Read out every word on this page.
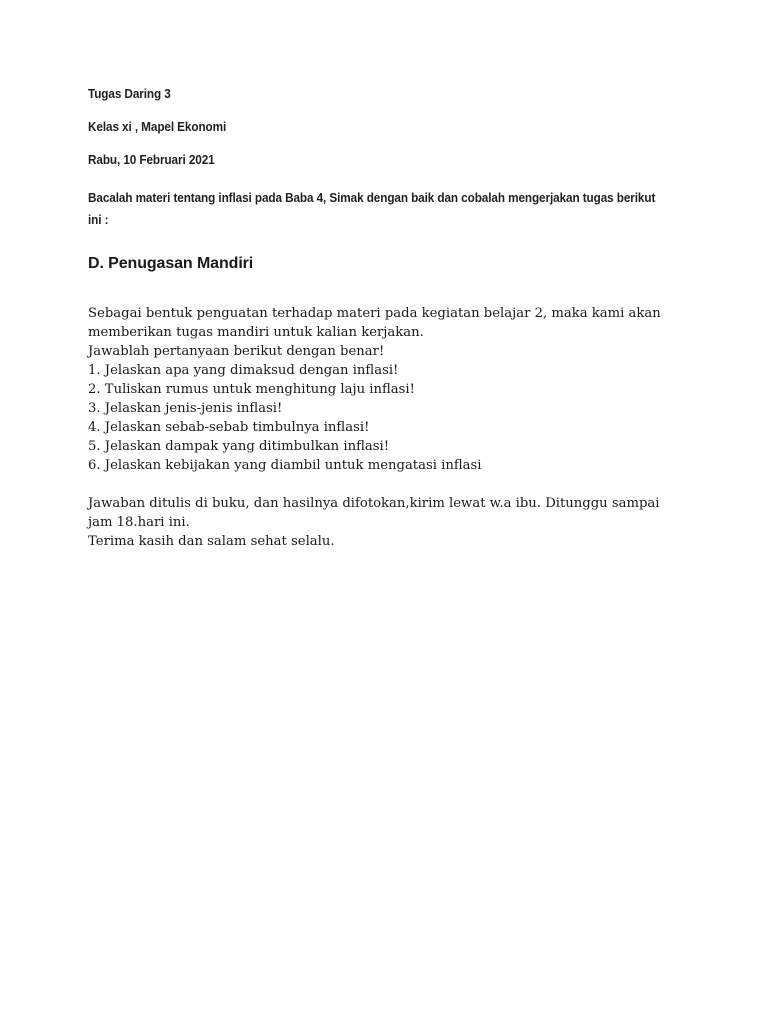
Tugas Daring 3

Kelas xi , Mapel Ekonomi

Rabu, 10 Februari 2021

Bacalah materi tentang inflasi pada Baba 4, Simak dengan baik dan cobalah mengerjakan tugas berikut ini :

D. Penugasan Mandiri

Sebagai bentuk penguatan terhadap materi pada kegiatan belajar 2, maka kami akan memberikan tugas mandiri untuk kalian kerjakan.

Jawablah pertanyaan berikut dengan benar!

1. Jelaskan apa yang dimaksud dengan inflasi!
2. Tuliskan rumus untuk menghitung laju inflasi!
3. Jelaskan jenis-jenis inflasi!
4. Jelaskan sebab-sebab timbulnya inflasi!
5. Jelaskan dampak yang ditimbulkan inflasi!
6. Jelaskan kebijakan yang diambil untuk mengatasi inflasi

Jawaban ditulis di buku, dan hasilnya difotokan,kirim lewat w.a ibu. Ditunggu sampai jam 18.hari ini.

Terima kasih dan salam sehat selalu.
